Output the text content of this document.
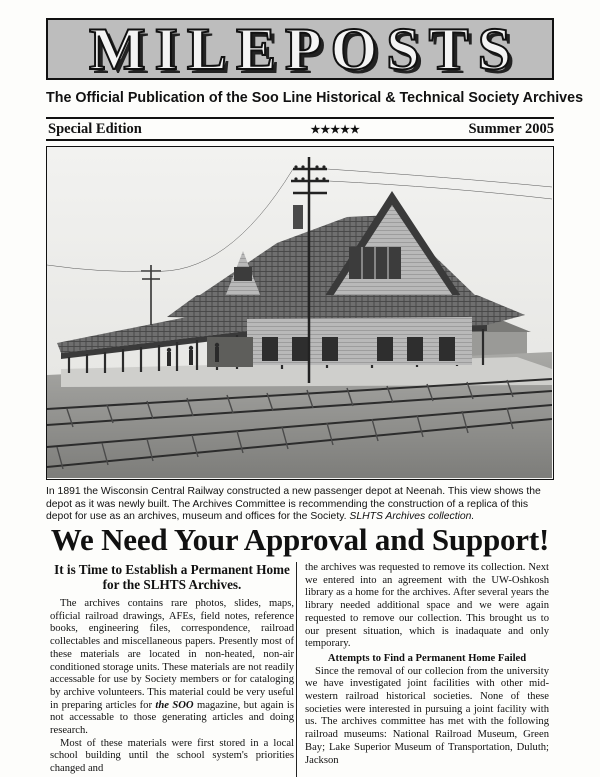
MILEPOSTS
The Official Publication of the Soo Line Historical & Technical Society Archives
Special Edition	★★★★★	Summer 2005
In 1891 the Wisconsin Central Railway constructed a new passenger depot at Neenah. This view shows the depot as it was newly built. The Archives Committee is recommending the construction of a replica of this depot for use as an archives, museum and offices for the Society. SLHTS Archives collection.
We Need Your Approval and Support!

It is Time to Establish a Permanent Home for the SLHTS Archives.

The archives contains rare photos, slides, maps, official railroad drawings, AFEs, field notes, reference books, engineering files, correspondence, railroad collectables and miscellaneous papers. Presently most of these materials are located in non-heated, non-air conditioned storage units. These materials are not readily accessable for use by Society members or for cataloging by archive volunteers. This material could be very useful in preparing articles for the SOO magazine, but again is not accessable to those generating articles and doing research.

Most of these materials were first stored in a local school building until the school system's priorities changed and

the archives was requested to remove its collection. Next we entered into an agreement with the UW-Oshkosh library as a home for the archives. After several years the library needed additional space and we were again requested to remove our collection. This brought us to our present situation, which is inadaquate and only temporary.

Attempts to Find a Permanent Home Failed

Since the removal of our collecion from the university we have investigated joint facilities with other mid-western railroad historical societies. None of these societies were interested in pursuing a joint facility with us. The archives committee has met with the following railroad museums: National Railroad Museum, Green Bay; Lake Superior Museum of Transportation, Duluth; Jackson
